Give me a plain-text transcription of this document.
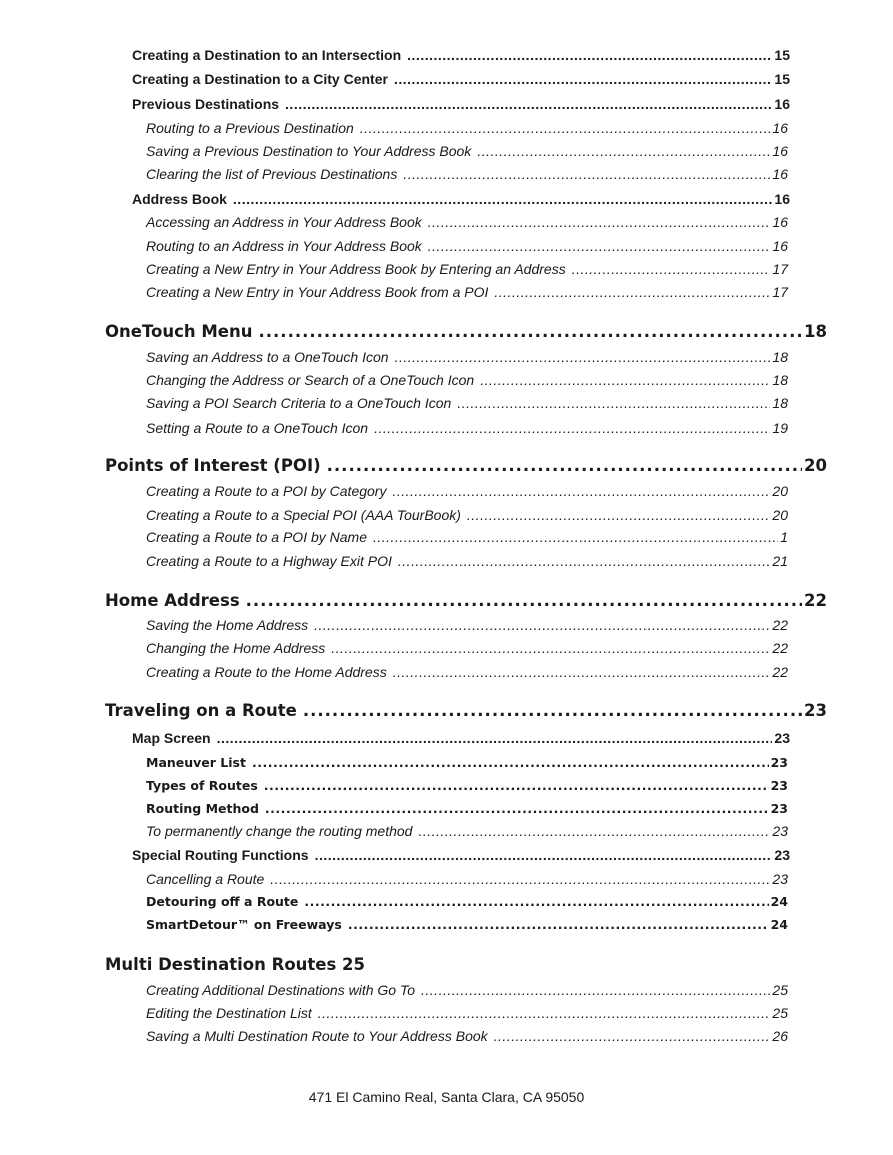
Creating a Destination to an Intersection .....	15
Creating a Destination to a City Center .....	15
Previous Destinations .....	16
Routing to a Previous Destination .....	16
Saving a Previous Destination to Your Address Book .....	16
Clearing the list of Previous Destinations .....	16
Address Book .....	16
Accessing an Address in Your Address Book .....	16
Routing to an Address in Your Address Book .....	16
Creating a New Entry in Your Address Book by Entering an Address .....	17
Creating a New Entry in Your Address Book from a POI .....	17
OneTouch Menu .....	18
Saving an Address to a OneTouch Icon .....	18
Changing the Address or Search of a OneTouch Icon .....	18
Saving a POI Search Criteria to a OneTouch Icon .....	18
Setting a Route to a OneTouch Icon .....	19
Points of Interest (POI) .....	20
Creating a Route to a POI by Category .....	20
Creating a Route to a Special POI (AAA TourBook) .....	20
Creating a Route to a POI by Name .....	1
Creating a Route to a Highway Exit POI .....	21
Home Address .....	22
Saving the Home Address .....	22
Changing the Home Address .....	22
Creating a Route to the Home Address .....	22
Traveling on a Route .....	23
Map Screen .....	23
Maneuver List .....	23
Types of Routes .....	23
Routing Method .....	23
To permanently change the routing method .....	23
Special Routing Functions .....	23
Cancelling a Route .....	23
Detouring off a Route .....	24
SmartDetour™ on Freeways .....	24
Multi Destination Routes 25
Creating Additional Destinations with Go To .....	25
Editing the Destination List .....	25
Saving a Multi Destination Route to Your Address Book .....	26
471 El Camino Real, Santa Clara, CA 95050
